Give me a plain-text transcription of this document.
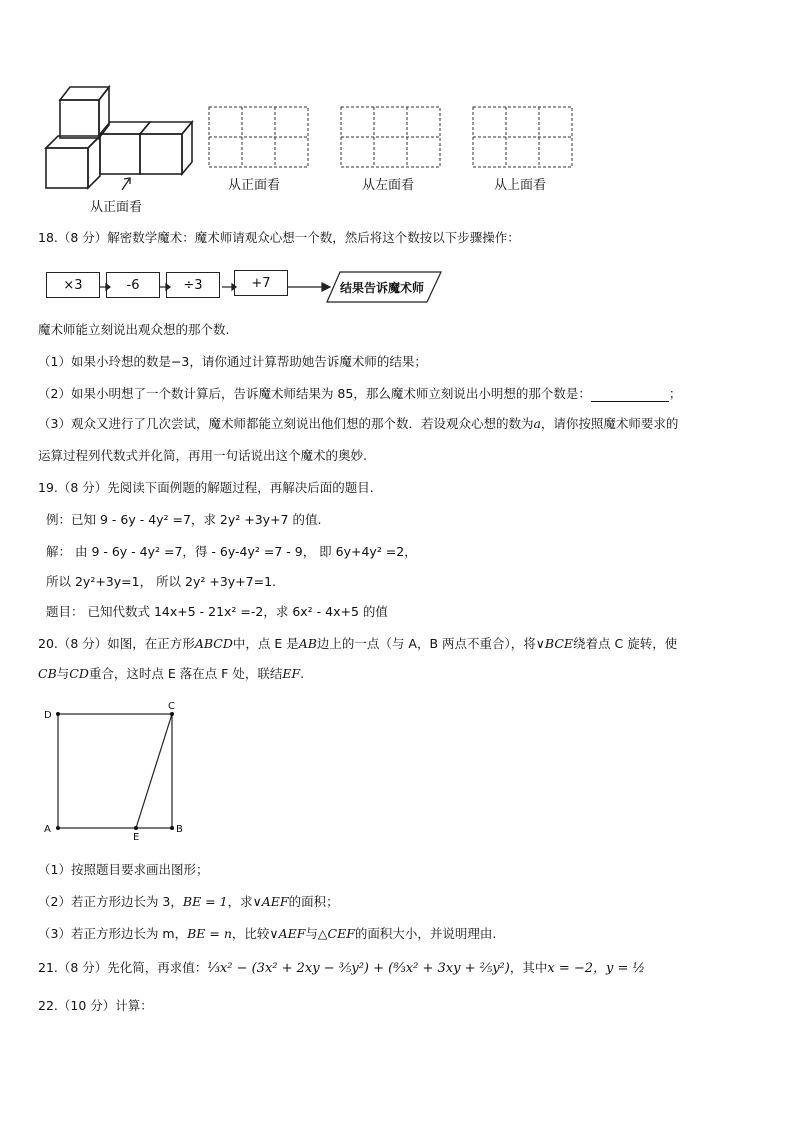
从正面看
从正面看	从左面看	从上面看
18.（8 分）解密数学魔术：魔术师请观众心想一个数，然后将这个数按以下步骤操作：
×3	-6	÷3	+7	结果告诉魔术师
魔术师能立刻说出观众想的那个数.
（1）如果小玲想的数是−3，请你通过计算帮助她告诉魔术师的结果；
（2）如果小明想了一个数计算后，告诉魔术师结果为 85，那么魔术师立刻说出小明想的那个数是：	；
（3）观众又进行了几次尝试，魔术师都能立刻说出他们想的那个数．若设观众心想的数为a，请你按照魔术师要求的
运算过程列代数式并化简，再用一句话说出这个魔术的奥妙.
19.（8 分）先阅读下面例题的解题过程，再解决后面的题目.
例：已知 9 - 6y - 4y² =7，求 2y² +3y+7 的值.
解： 由 9 - 6y - 4y² =7，得 - 6y-4y² =7 - 9， 即 6y+4y² =2，
所以 2y²+3y=1， 所以 2y² +3y+7=1.
题目： 已知代数式 14x+5 - 21x² =-2，求 6x² - 4x+5 的值
20.（8 分）如图，在正方形ABCD中，点 E 是AB边上的一点（与 A，B 两点不重合），将∨BCE绕着点 C 旋转，使
CB与CD重合，这时点 E 落在点 F 处，联结EF.
D
C
A
E
B
（1）按照题目要求画出图形；
（2）若正方形边长为 3，BE = 1，求∨AEF的面积；
（3）若正方形边长为 m，BE = n，比较∨AEF与△CEF的面积大小，并说明理由.
21.（8 分）先化简，再求值：⅓x² − (3x² + 2xy − ⅗y²) + (⁸⁄₃x² + 3xy + ⅖y²)，其中x = −2，y = ½
22.（10 分）计算：
